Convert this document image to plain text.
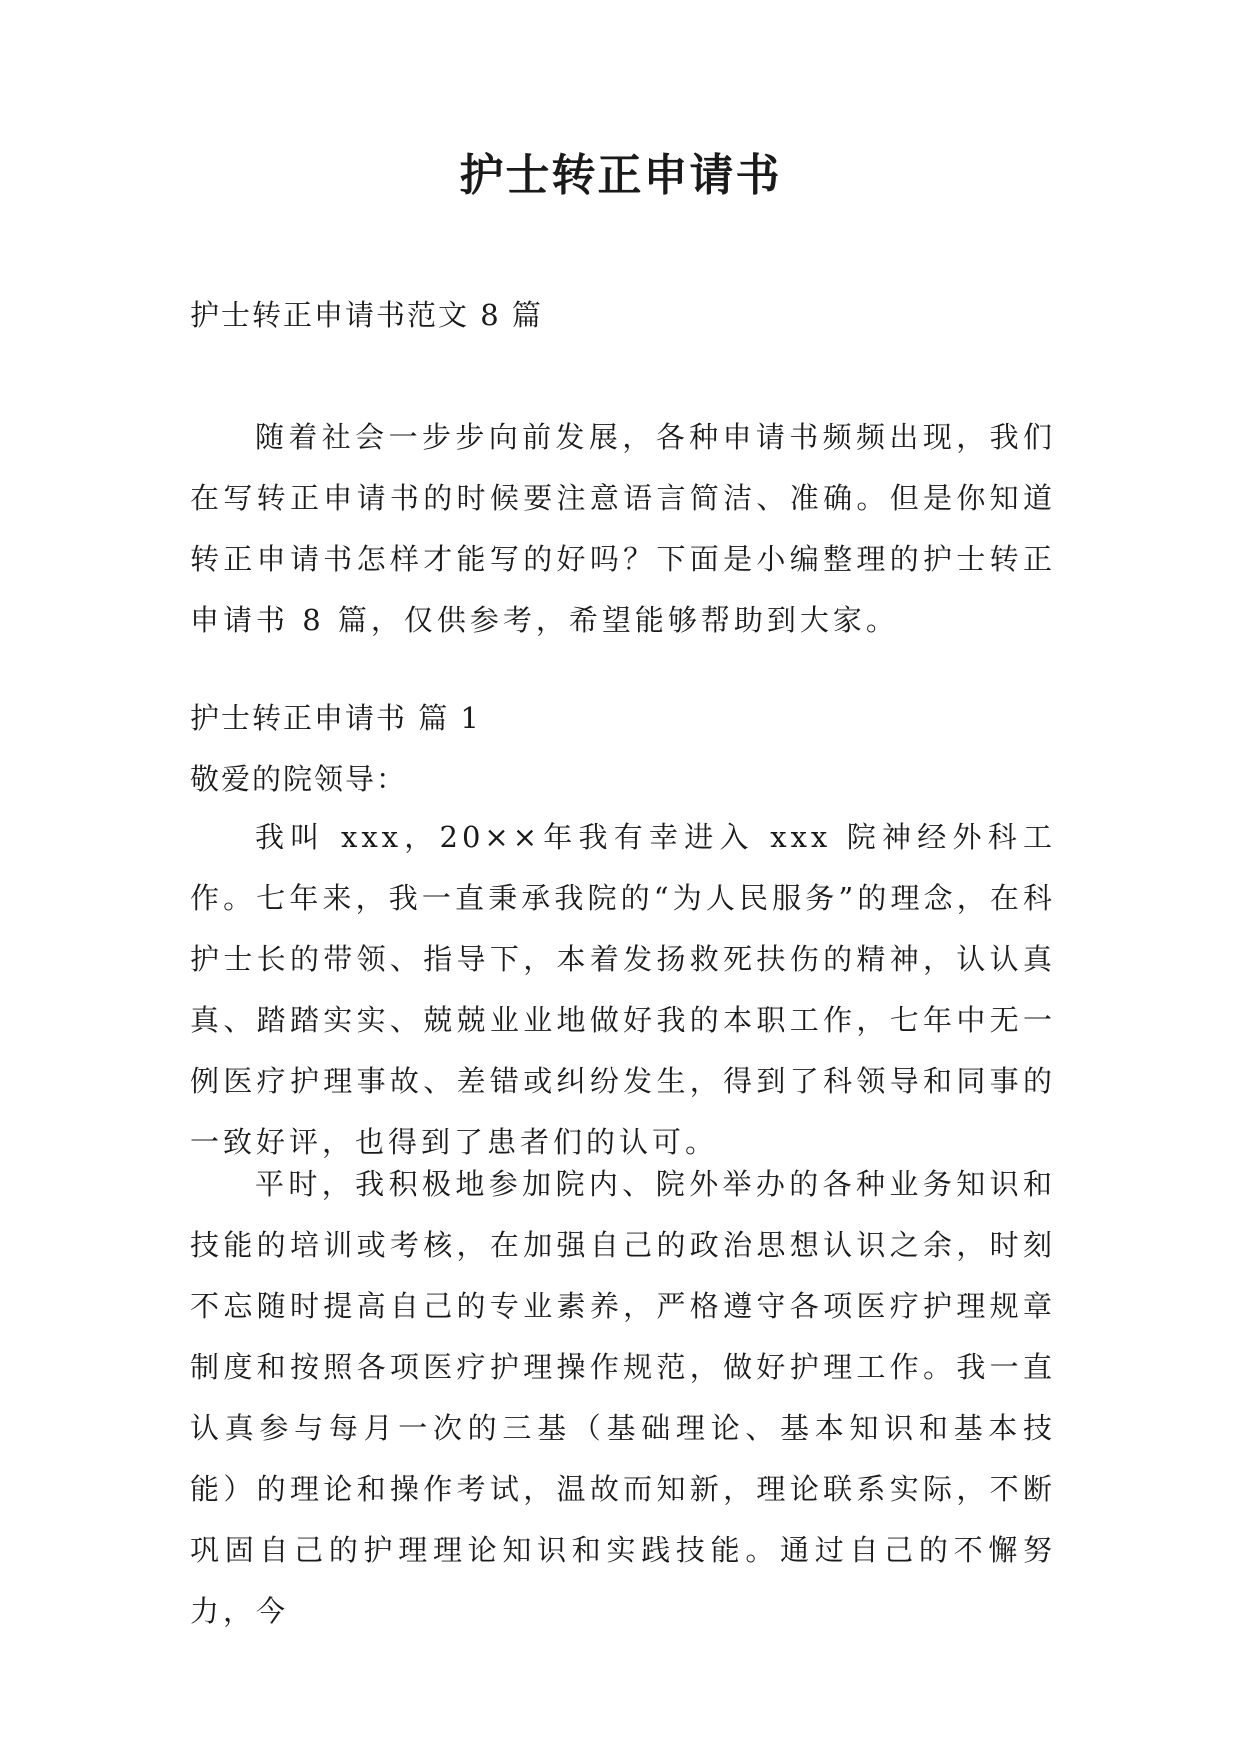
护士转正申请书
护士转正申请书范文 8 篇
随着社会一步步向前发展，各种申请书频频出现，我们在写转正申请书的时候要注意语言简洁、准确。但是你知道转正申请书怎样才能写的好吗？下面是小编整理的护士转正申请书 8 篇，仅供参考，希望能够帮助到大家。
护士转正申请书 篇 1
敬爱的院领导：
我叫 xxx，20××年我有幸进入 xxx 院神经外科工作。七年来，我一直秉承我院的“为人民服务”的理念，在科护士长的带领、指导下，本着发扬救死扶伤的精神，认认真真、踏踏实实、兢兢业业地做好我的本职工作，七年中无一例医疗护理事故、差错或纠纷发生，得到了科领导和同事的一致好评，也得到了患者们的认可。
平时，我积极地参加院内、院外举办的各种业务知识和技能的培训或考核，在加强自己的政治思想认识之余，时刻不忘随时提高自己的专业素养，严格遵守各项医疗护理规章制度和按照各项医疗护理操作规范，做好护理工作。我一直认真参与每月一次的三基（基础理论、基本知识和基本技能）的理论和操作考试，温故而知新，理论联系实际，不断巩固自己的护理理论知识和实践技能。通过自己的不懈努力，今
